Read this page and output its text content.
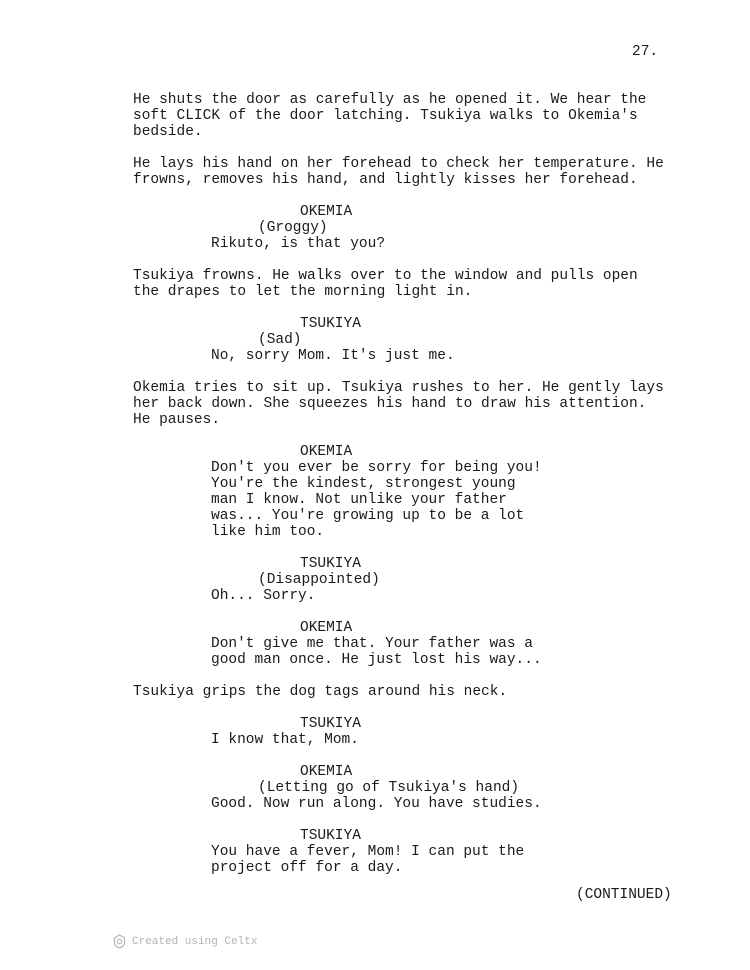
27.
He shuts the door as carefully as he opened it. We hear the
soft CLICK of the door latching. Tsukiya walks to Okemia's
bedside.
He lays his hand on her forehead to check her temperature. He
frowns, removes his hand, and lightly kisses her forehead.
OKEMIA
(Groggy)
Rikuto, is that you?
Tsukiya frowns. He walks over to the window and pulls open
the drapes to let the morning light in.
TSUKIYA
(Sad)
No, sorry Mom. It's just me.
Okemia tries to sit up. Tsukiya rushes to her. He gently lays
her back down. She squeezes his hand to draw his attention.
He pauses.
OKEMIA
Don't you ever be sorry for being you!
You're the kindest, strongest young
man I know. Not unlike your father
was... You're growing up to be a lot
like him too.
TSUKIYA
(Disappointed)
Oh... Sorry.
OKEMIA
Don't give me that. Your father was a
good man once. He just lost his way...
Tsukiya grips the dog tags around his neck.
TSUKIYA
I know that, Mom.
OKEMIA
(Letting go of Tsukiya's hand)
Good. Now run along. You have studies.
TSUKIYA
You have a fever, Mom! I can put the
project off for a day.
(CONTINUED)
Created using Celtx
